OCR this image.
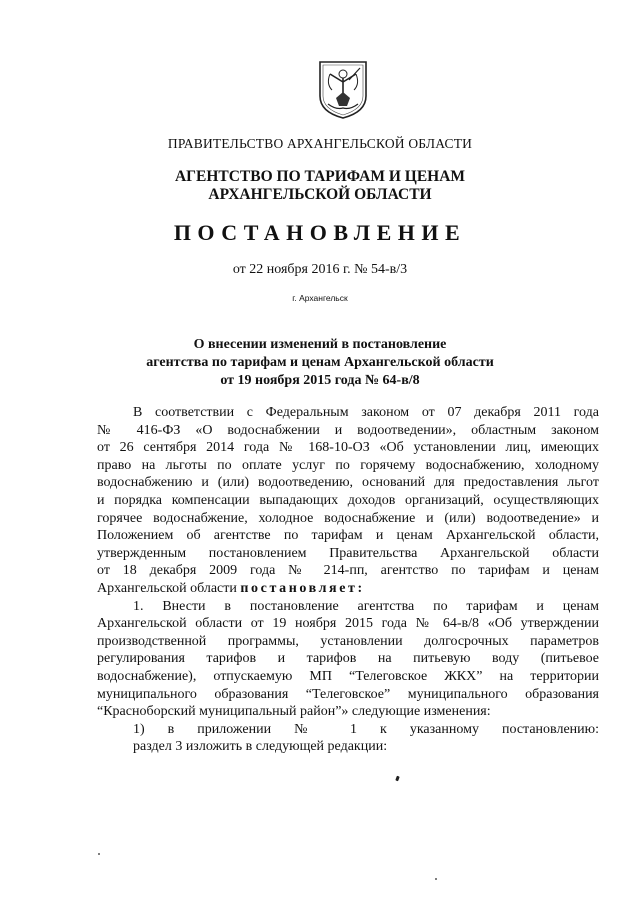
ПРАВИТЕЛЬСТВО АРХАНГЕЛЬСКОЙ ОБЛАСТИ
АГЕНТСТВО ПО ТАРИФАМ И ЦЕНАМ
АРХАНГЕЛЬСКОЙ ОБЛАСТИ
ПОСТАНОВЛЕНИЕ
от 22 ноября 2016 г. № 54-в/3
г. Архангельск
О внесении изменений в постановление
агентства по тарифам и ценам Архангельской области
от 19 ноября 2015 года № 64-в/8

В соответствии с Федеральным законом от 07 декабря 2011 года
№ 416-ФЗ «О водоснабжении и водоотведении», областным законом
от 26 сентября 2014 года № 168-10-ОЗ «Об установлении лиц, имеющих
право на льготы по оплате услуг по горячему водоснабжению, холодному
водоснабжению и (или) водоотведению, оснований для предоставления льгот
и порядка компенсации выпадающих доходов организаций, осуществляющих
горячее водоснабжение, холодное водоснабжение и (или) водоотведение» и
Положением об агентстве по тарифам и ценам Архангельской области,
утвержденным постановлением Правительства Архангельской области
от 18 декабря 2009 года № 214-пп, агентство по тарифам и ценам
Архангельской области постановляет:

1. Внести в постановление агентства по тарифам и ценам
Архангельской области от 19 ноября 2015 года № 64-в/8 «Об утверждении
производственной программы, установлении долгосрочных параметров
регулирования тарифов и тарифов на питьевую воду (питьевое
водоснабжение), отпускаемую МП “Телеговское ЖКХ” на территории
муниципального образования “Телеговское” муниципального образования
“Красноборский муниципальный район”» следующие изменения:

1) в приложении № 1 к указанному постановлению:
раздел 3 изложить в следующей редакции:
